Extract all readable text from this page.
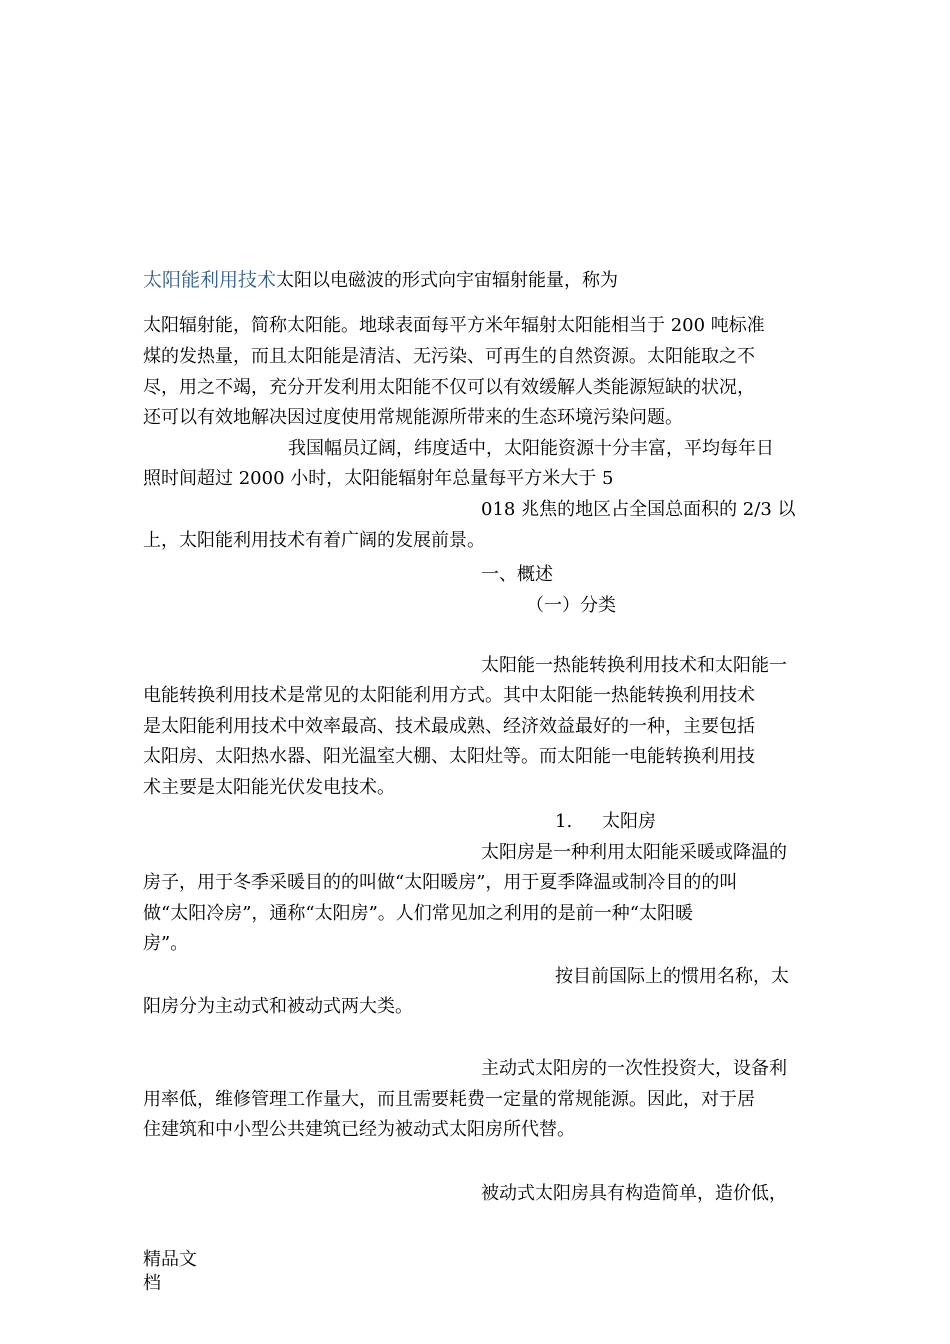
太阳能利用技术太阳以电磁波的形式向宇宙辐射能量，称为

太阳辐射能，简称太阳能。地球表面每平方米年辐射太阳能相当于 200 吨标准

煤的发热量，而且太阳能是清洁、无污染、可再生的自然资源。太阳能取之不

尽，用之不竭，充分开发利用太阳能不仅可以有效缓解人类能源短缺的状况，

还可以有效地解决因过度使用常规能源所带来的生态环境污染问题。

我国幅员辽阔，纬度适中，太阳能资源十分丰富，平均每年日

照时间超过 2000 小时，太阳能辐射年总量每平方米大于 5

018 兆焦的地区占全国总面积的 2/3 以

上，太阳能利用技术有着广阔的发展前景。

一、概述

（一）分类

太阳能一热能转换利用技术和太阳能一

电能转换利用技术是常见的太阳能利用方式。其中太阳能一热能转换利用技术

是太阳能利用技术中效率最高、技术最成熟、经济效益最好的一种，主要包括

太阳房、太阳热水器、阳光温室大棚、太阳灶等。而太阳能一电能转换利用技

术主要是太阳能光伏发电技术。

1. 太阳房

太阳房是一种利用太阳能采暖或降温的

房子，用于冬季采暖目的的叫做“太阳暖房”，用于夏季降温或制冷目的的叫

做“太阳冷房”，通称“太阳房”。人们常见加之利用的是前一种“太阳暖

房”。

按目前国际上的惯用名称，太

阳房分为主动式和被动式两大类。

主动式太阳房的一次性投资大，设备利

用率低，维修管理工作量大，而且需要耗费一定量的常规能源。因此，对于居

住建筑和中小型公共建筑已经为被动式太阳房所代替。

被动式太阳房具有构造简单，造价低，

精品文
档
